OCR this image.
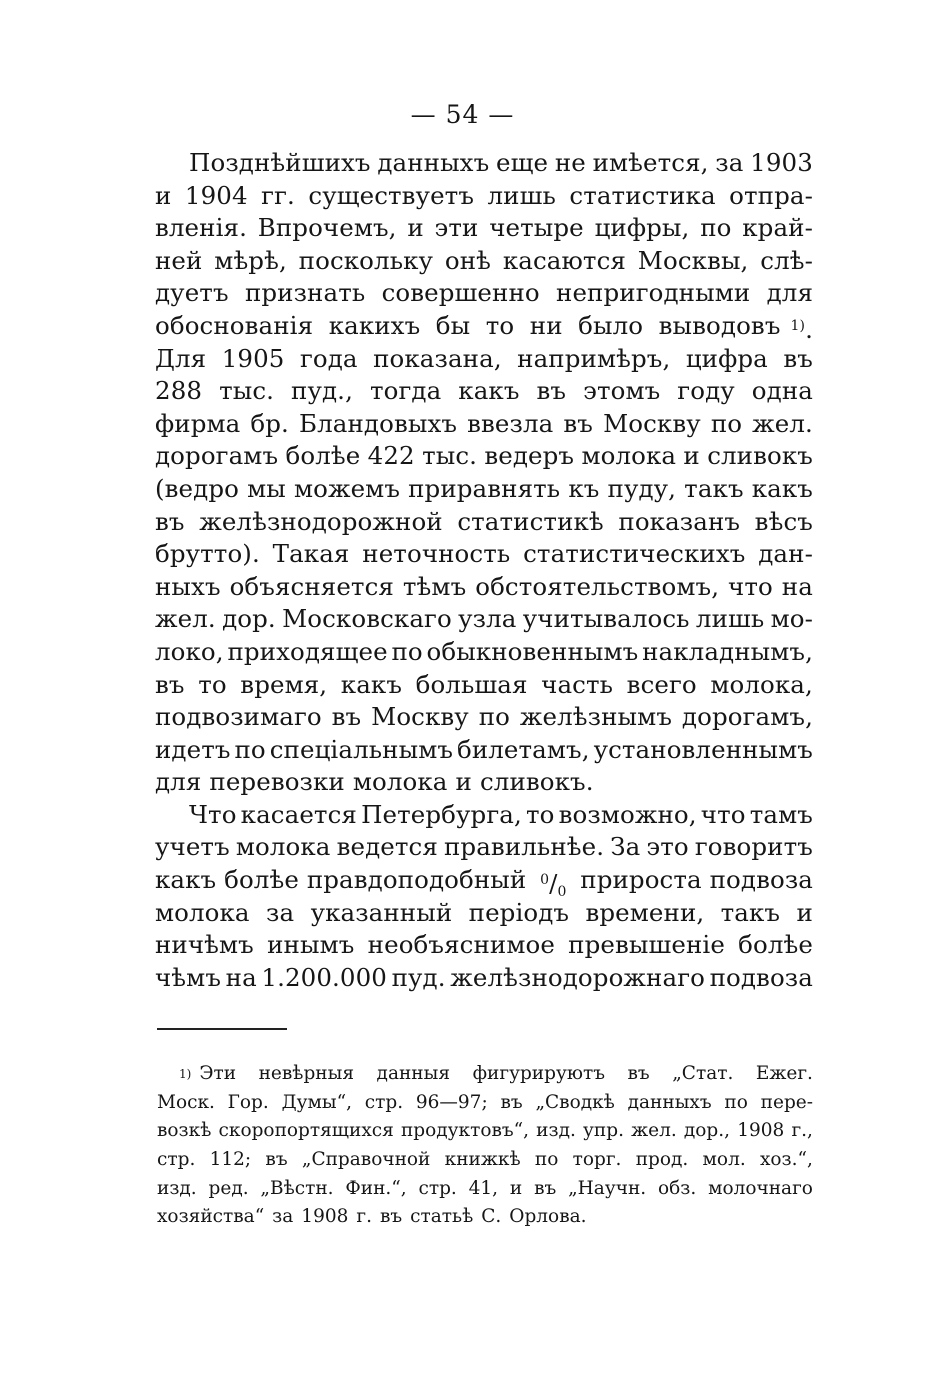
— 54 —
Позднѣйшихъ данныхъ еще не имѣется, за 1903
и 1904 гг. существуетъ лишь статистика отпра-
вленія. Впрочемъ, и эти четыре цифры, по край-
ней мѣрѣ, поскольку онѣ касаются Москвы, слѣ-
дуетъ признать совершенно непригодными для
обоснованія какихъ бы то ни было выводовъ $^{1)}$.
Для 1905 года показана, напримѣръ, цифра въ
288 тыс. пуд., тогда какъ въ этомъ году одна
фирма бр. Бландовыхъ ввезла въ Москву по жел.
дорогамъ болѣе 422 тыс. ведеръ молока и сливокъ
(ведро мы можемъ приравнять къ пуду, такъ какъ
въ желѣзнодорожной статистикѣ показанъ вѣсъ
брутто). Такая неточность статистическихъ дан-
ныхъ объясняется тѣмъ обстоятельствомъ, что на
жел. дор. Московскаго узла учитывалось лишь мо-
локо, приходящее по обыкновеннымъ накладнымъ,
въ то время, какъ большая часть всего молока,
подвозимаго въ Москву по желѣзнымъ дорогамъ,
идетъ по спеціальнымъ билетамъ, установленнымъ
для перевозки молока и сливокъ.
Что касается Петербурга, то возможно, что тамъ
учетъ молока ведется правильнѣе. За это говоритъ
какъ болѣе правдоподобный $^0/_0$ прироста подвоза
молока за указанный періодъ времени, такъ и
ничѣмъ инымъ необъяснимое превышеніе болѣе
чѣмъ на 1.200.000 пуд. желѣзнодорожнаго подвоза
$^{1)}$ Эти невѣрныя данныя фигурируютъ въ „Стат. Ежег.
Моск. Гор. Думы“, стр. 96—97; въ „Сводкѣ данныхъ по пере-
возкѣ скоропортящихся продуктовъ“, изд. упр. жел. дор., 1908 г.,
стр. 112; въ „Справочной книжкѣ по торг. прод. мол. хоз.“,
изд. ред. „Вѣстн. Фин.“, стр. 41, и въ „Научн. обз. молочнаго
хозяйства“ за 1908 г. въ статьѣ С. Орлова.
